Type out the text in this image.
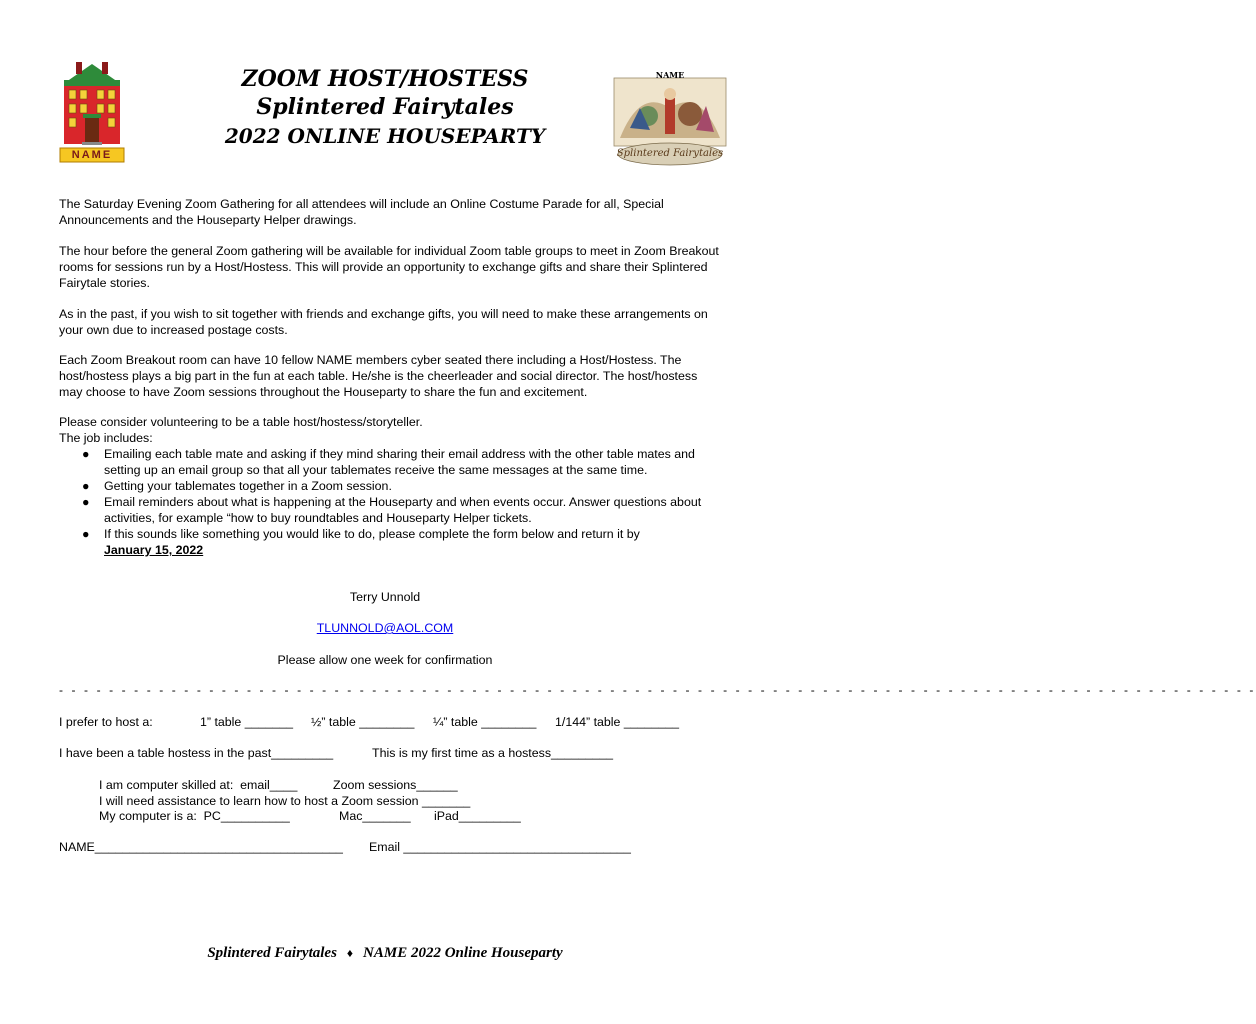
NAME
ZOOM HOST/HOSTESS
Splintered Fairytales
2022 ONLINE HOUSEPARTY
NAME
Splintered Fairytales
The Saturday Evening Zoom Gathering for all attendees will include an Online Costume Parade for all, Special Announcements and the Houseparty Helper drawings.
The hour before the general Zoom gathering will be available for individual Zoom table groups to meet in Zoom Breakout rooms for sessions run by a Host/Hostess. This will provide an opportunity to exchange gifts and share their Splintered Fairytale stories.
As in the past, if you wish to sit together with friends and exchange gifts, you will need to make these arrangements on your own due to increased postage costs.
Each Zoom Breakout room can have 10 fellow NAME members cyber seated there including a Host/Hostess. The host/hostess plays a big part in the fun at each table. He/she is the cheerleader and social director. The host/hostess may choose to have Zoom sessions throughout the Houseparty to share the fun and excitement.
Please consider volunteering to be a table host/hostess/storyteller.
The job includes:
● Emailing each table mate and asking if they mind sharing their email address with the other table mates and setting up an email group so that all your tablemates receive the same messages at the same time.
● Getting your tablemates together in a Zoom session.
● Email reminders about what is happening at the Houseparty and when events occur. Answer questions about activities, for example “how to buy roundtables and Houseparty Helper tickets.
● If this sounds like something you would like to do, please complete the form below and return it by
January 15, 2022
Terry Unnold
TLUNNOLD@AOL.COM
Please allow one week for confirmation
- - - - - - - - - - - - - - - - - - - - - - - - - - - - - - - - - - - - - - - - - - - - - - - - - - - - - - - - - - - - - - - - - - - - - - - - - - - - - - - - - - - - - - - - - - - - - - - -
I prefer to host a:	1” table _______ ½” table ________ ¼” table ________ 1/144” table ________
I have been a table hostess in the past_________	This is my first time as a hostess_________
I am computer skilled at:  email____	Zoom sessions______
I will need assistance to learn how to host a Zoom session _______
My computer is a:  PC__________	Mac_______ iPad_________
NAME____________________________________ Email _________________________________
Splintered Fairytales ♦ NAME 2022 Online Houseparty
